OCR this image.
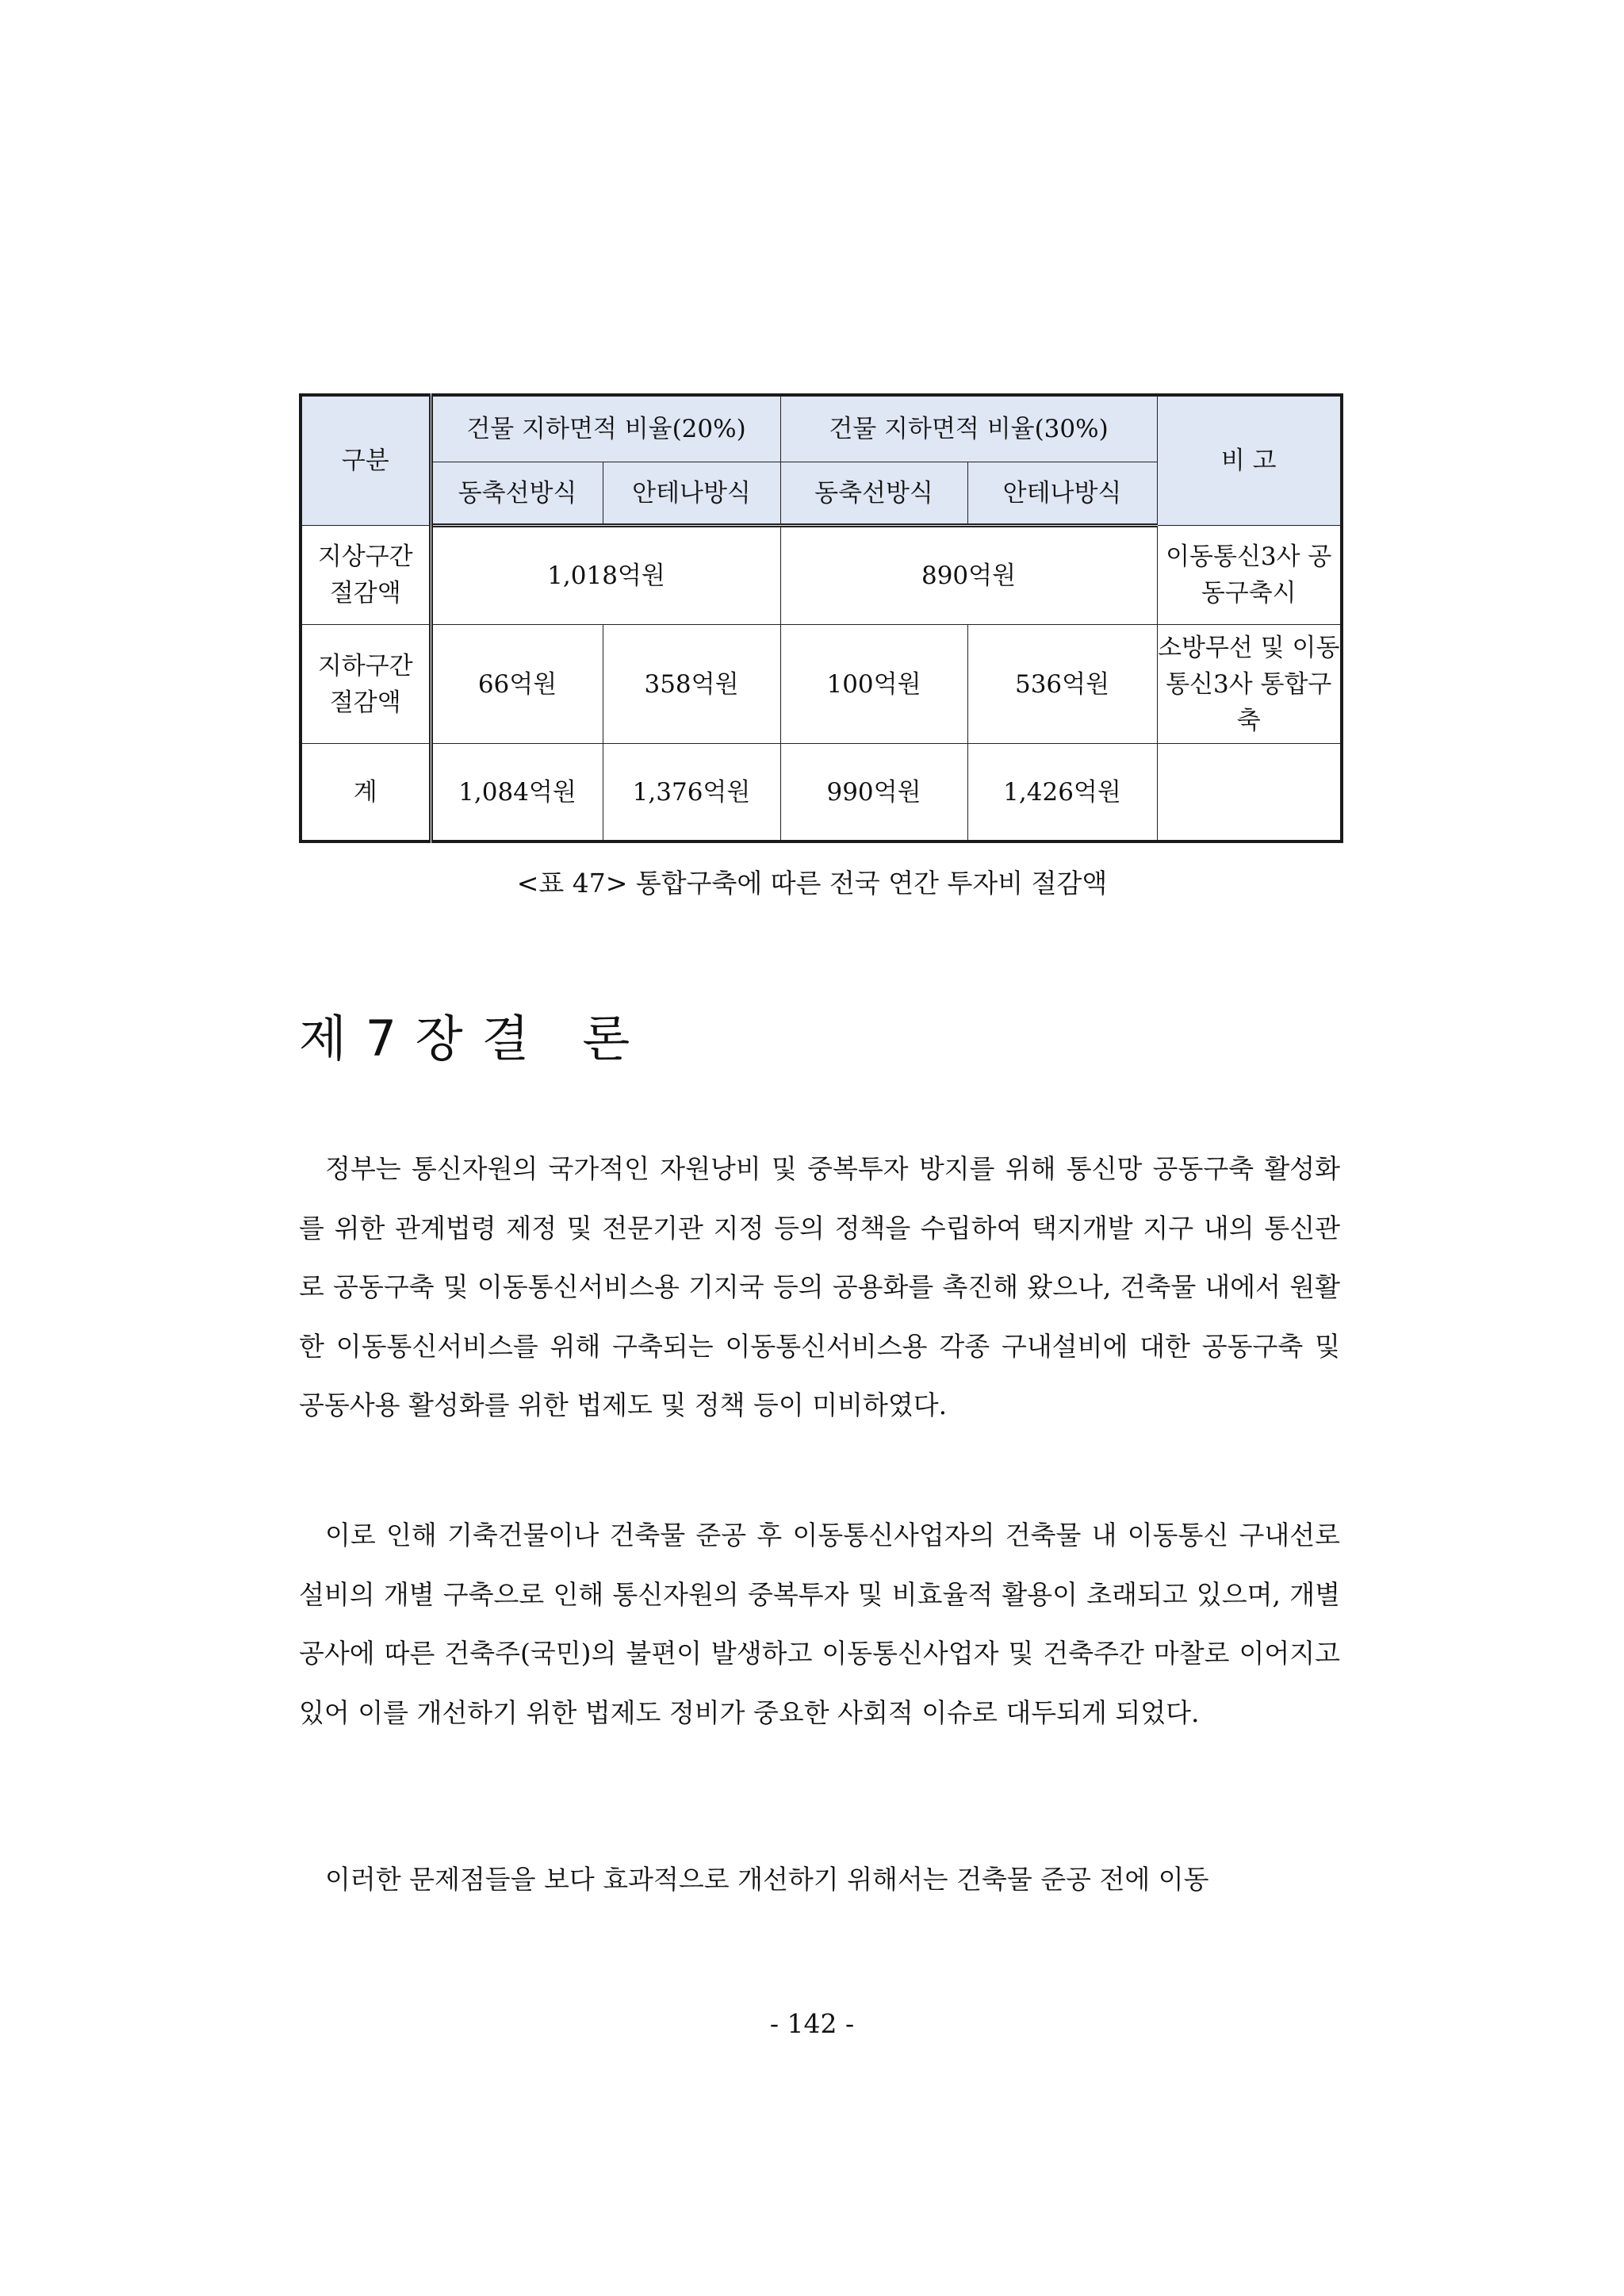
구분	건물 지하면적 비율(20%)		건물 지하면적 비율(30%)		비 고
	동축선방식	안테나방식	동축선방식	안테나방식	
지상구간 절감액	1,018억원		890억원		이동통신3사 공동구축시
지하구간 절감액	66억원	358억원	100억원	536억원	소방무선 및 이동통신3사 통합구축
계	1,084억원	1,376억원	990억원	1,426억원	
<표 47> 통합구축에 따른 전국 연간 투자비 절감액
제 7 장 결   론

정부는 통신자원의 국가적인 자원낭비 및 중복투자 방지를 위해 통신망 공동구축 활성화를 위한 관계법령 제정 및 전문기관 지정 등의 정책을 수립하여 택지개발 지구 내의 통신관로 공동구축 및 이동통신서비스용 기지국 등의 공용화를 촉진해 왔으나, 건축물 내에서 원활한 이동통신서비스를 위해 구축되는 이동통신서비스용 각종 구내설비에 대한 공동구축 및 공동사용 활성화를 위한 법제도 및 정책 등이 미비하였다.

이로 인해 기축건물이나 건축물 준공 후 이동통신사업자의 건축물 내 이동통신 구내선로설비의 개별 구축으로 인해 통신자원의 중복투자 및 비효율적 활용이 초래되고 있으며, 개별 공사에 따른 건축주(국민)의 불편이 발생하고 이동통신사업자 및 건축주간 마찰로 이어지고 있어 이를 개선하기 위한 법제도 정비가 중요한 사회적 이슈로 대두되게 되었다.

이러한 문제점들을 보다 효과적으로 개선하기 위해서는 건축물 준공 전에 이동

- 142 -
